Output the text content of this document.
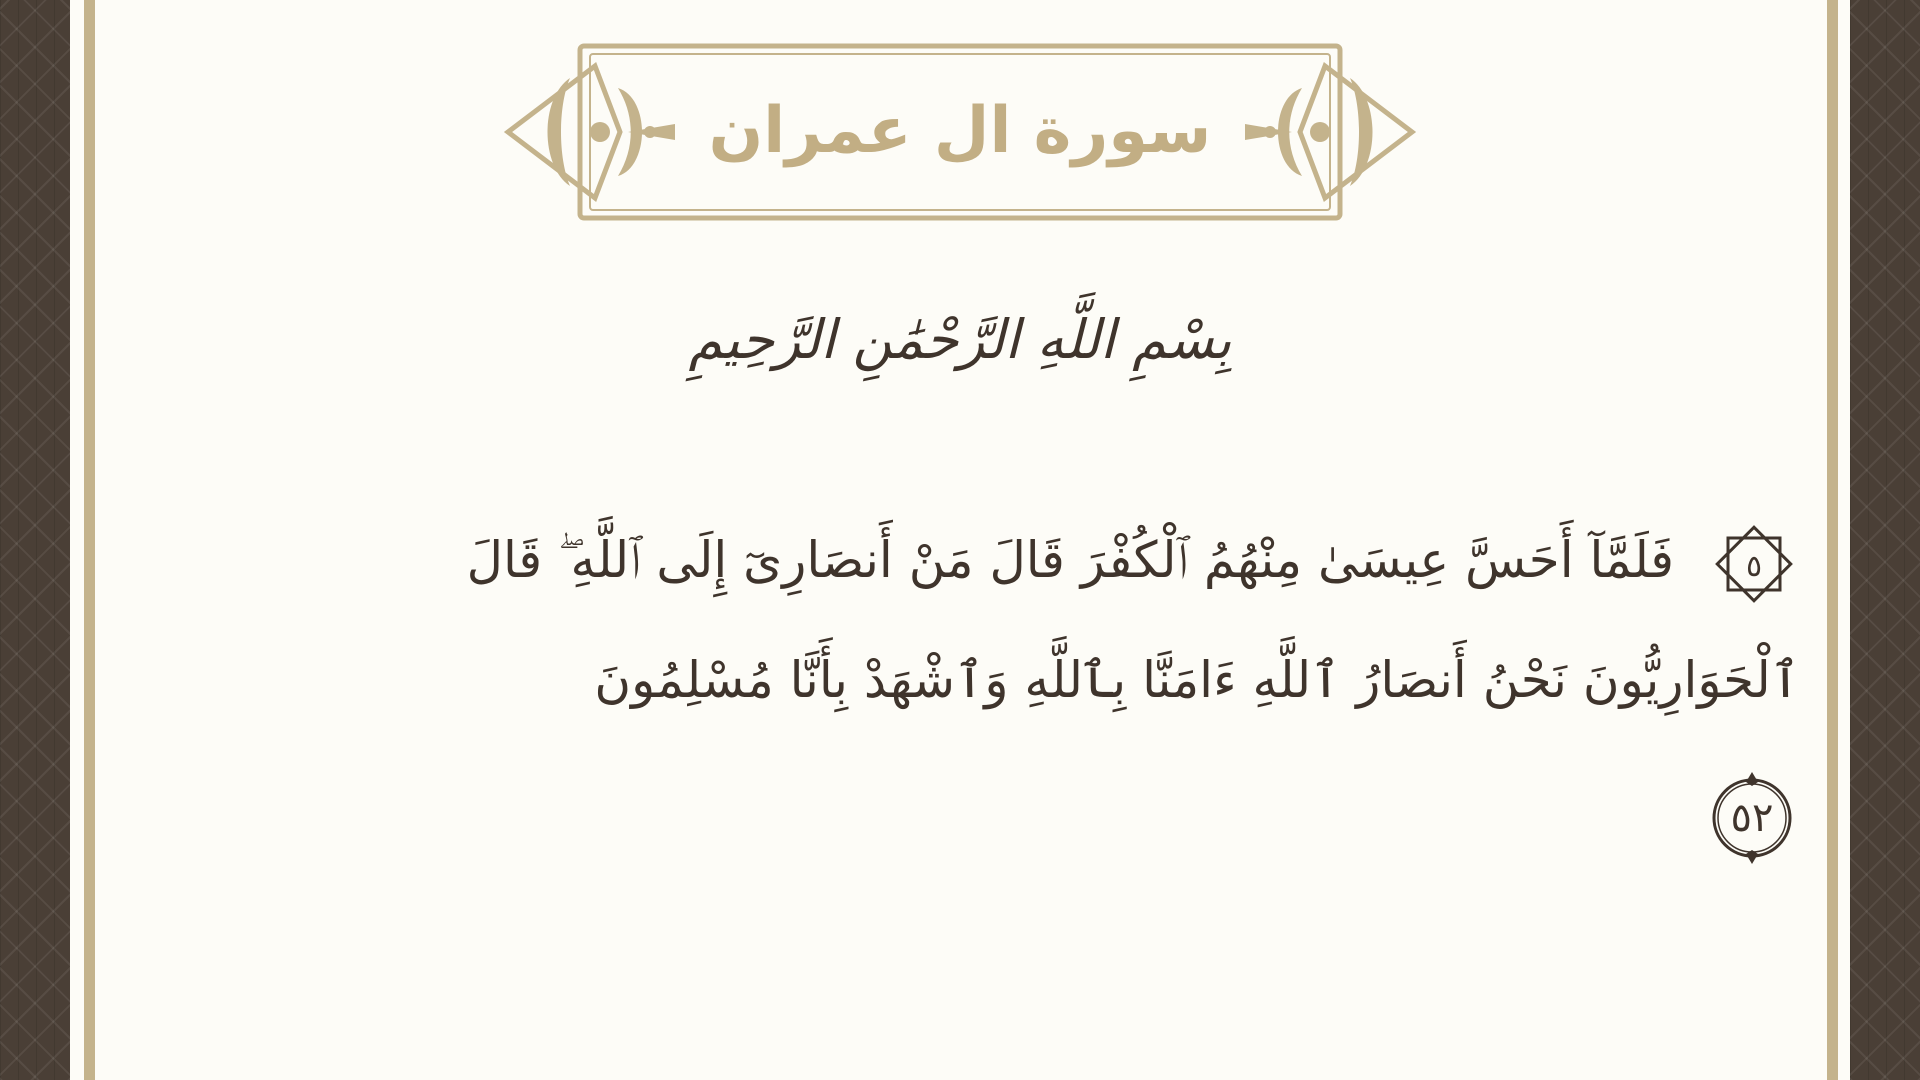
سورة ال عمران
بِسْمِ اللَّهِ الرَّحْمَٰنِ الرَّحِيمِ
٥
فَلَمَّآ أَحَسَّ عِيسَىٰ مِنْهُمُ ٱلْكُفْرَ قَالَ مَنْ أَنصَارِىٓ إِلَى ٱللَّهِ ۖ قَالَ
ٱلْحَوَارِيُّونَ نَحْنُ أَنصَارُ ٱللَّهِ ءَامَنَّا بِٱللَّهِ وَٱشْهَدْ بِأَنَّا مُسْلِمُونَ
٥٢
